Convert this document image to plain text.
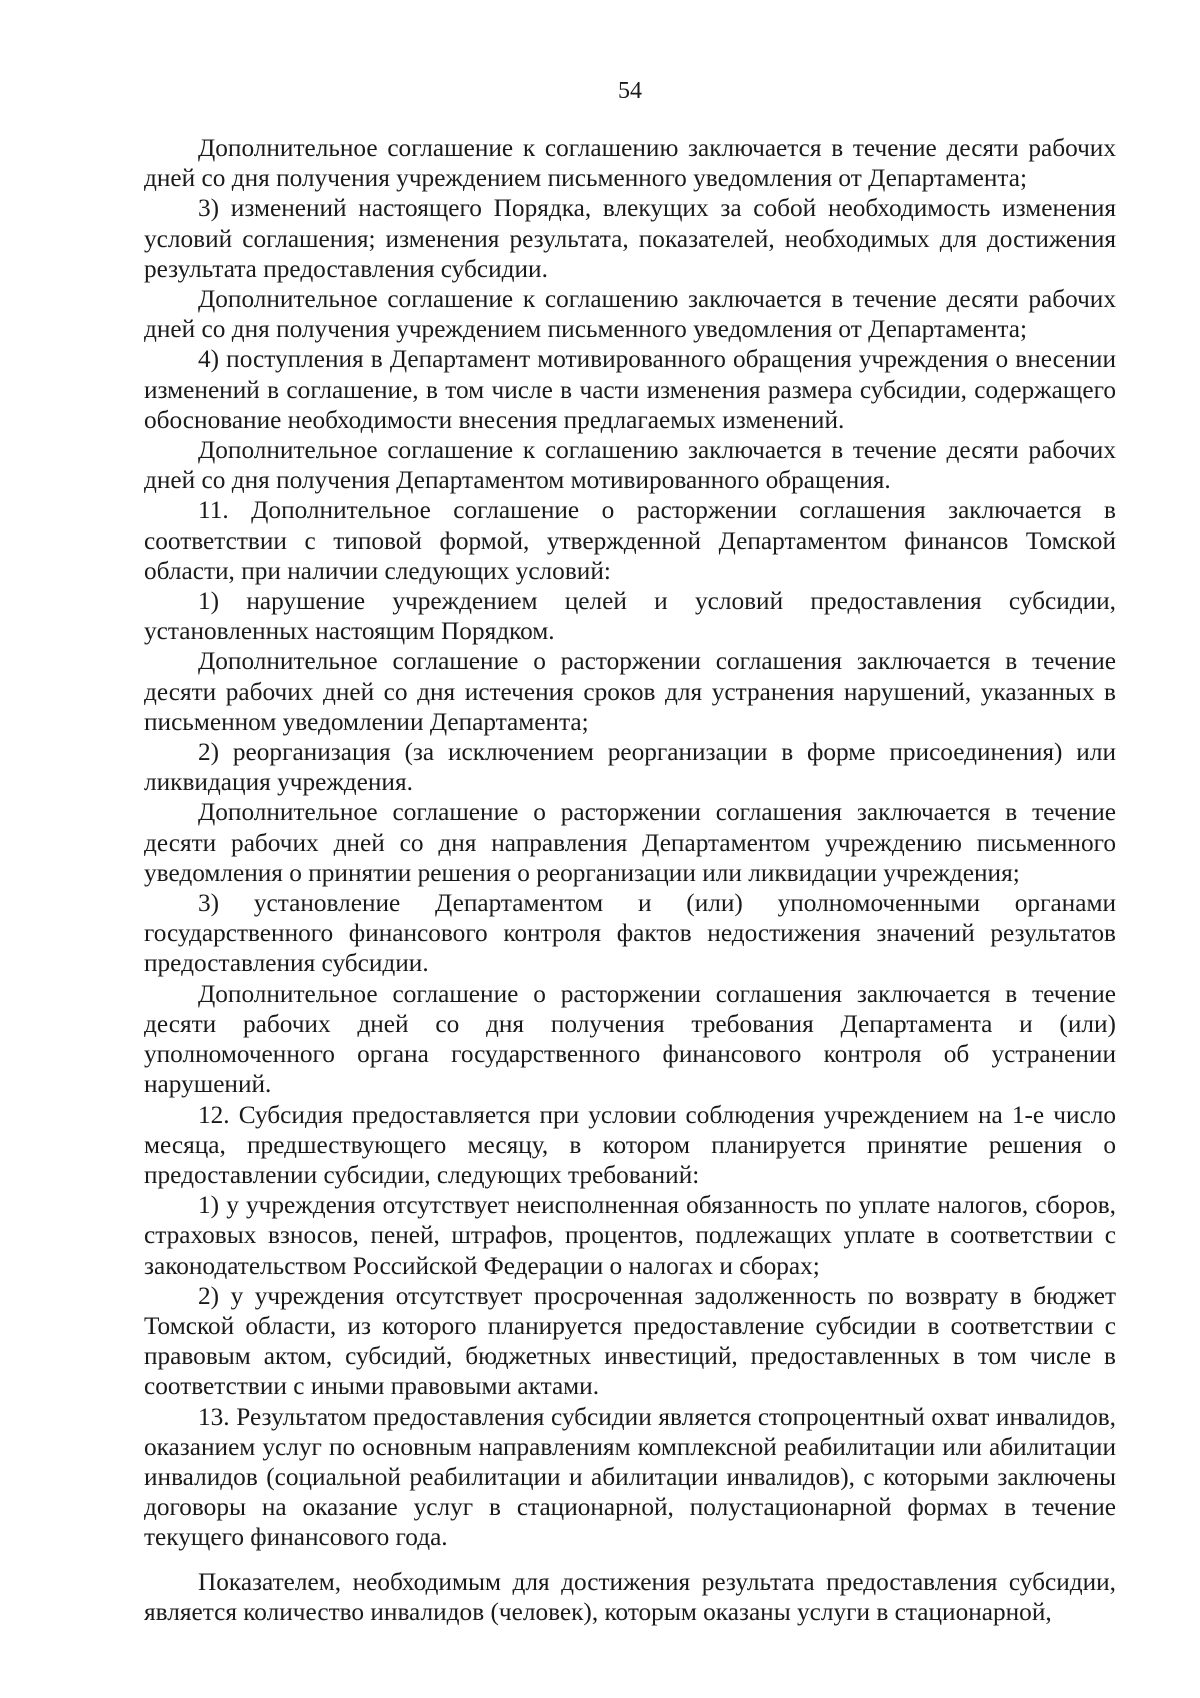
54

Дополнительное соглашение к соглашению заключается в течение десяти рабочих дней со дня получения учреждением письменного уведомления от Департамента;

3) изменений настоящего Порядка, влекущих за собой необходимость изменения условий соглашения; изменения результата, показателей, необходимых для достижения результата предоставления субсидии.

Дополнительное соглашение к соглашению заключается в течение десяти рабочих дней со дня получения учреждением письменного уведомления от Департамента;

4) поступления в Департамент мотивированного обращения учреждения о внесении изменений в соглашение, в том числе в части изменения размера субсидии, содержащего обоснование необходимости внесения предлагаемых изменений.

Дополнительное соглашение к соглашению заключается в течение десяти рабочих дней со дня получения Департаментом мотивированного обращения.

11. Дополнительное соглашение о расторжении соглашения заключается в соответствии с типовой формой, утвержденной Департаментом финансов Томской области, при наличии следующих условий:

1) нарушение учреждением целей и условий предоставления субсидии, установленных настоящим Порядком.

Дополнительное соглашение о расторжении соглашения заключается в течение десяти рабочих дней со дня истечения сроков для устранения нарушений, указанных в письменном уведомлении Департамента;

2) реорганизация (за исключением реорганизации в форме присоединения) или ликвидация учреждения.

Дополнительное соглашение о расторжении соглашения заключается в течение десяти рабочих дней со дня направления Департаментом учреждению письменного уведомления о принятии решения о реорганизации или ликвидации учреждения;

3) установление Департаментом и (или) уполномоченными органами государственного финансового контроля фактов недостижения значений результатов предоставления субсидии.

Дополнительное соглашение о расторжении соглашения заключается в течение десяти рабочих дней со дня получения требования Департамента и (или) уполномоченного органа государственного финансового контроля об устранении нарушений.

12. Субсидия предоставляется при условии соблюдения учреждением на 1-е число месяца, предшествующего месяцу, в котором планируется принятие решения о предоставлении субсидии, следующих требований:

1) у учреждения отсутствует неисполненная обязанность по уплате налогов, сборов, страховых взносов, пеней, штрафов, процентов, подлежащих уплате в соответствии с законодательством Российской Федерации о налогах и сборах;

2) у учреждения отсутствует просроченная задолженность по возврату в бюджет Томской области, из которого планируется предоставление субсидии в соответствии с правовым актом, субсидий, бюджетных инвестиций, предоставленных в том числе в соответствии с иными правовыми актами.

13. Результатом предоставления субсидии является стопроцентный охват инвалидов, оказанием услуг по основным направлениям комплексной реабилитации или абилитации инвалидов (социальной реабилитации и абилитации инвалидов), с которыми заключены договоры на оказание услуг в стационарной, полустационарной формах в течение текущего финансового года.

Показателем, необходимым для достижения результата предоставления субсидии, является количество инвалидов (человек), которым оказаны услуги в стационарной,
